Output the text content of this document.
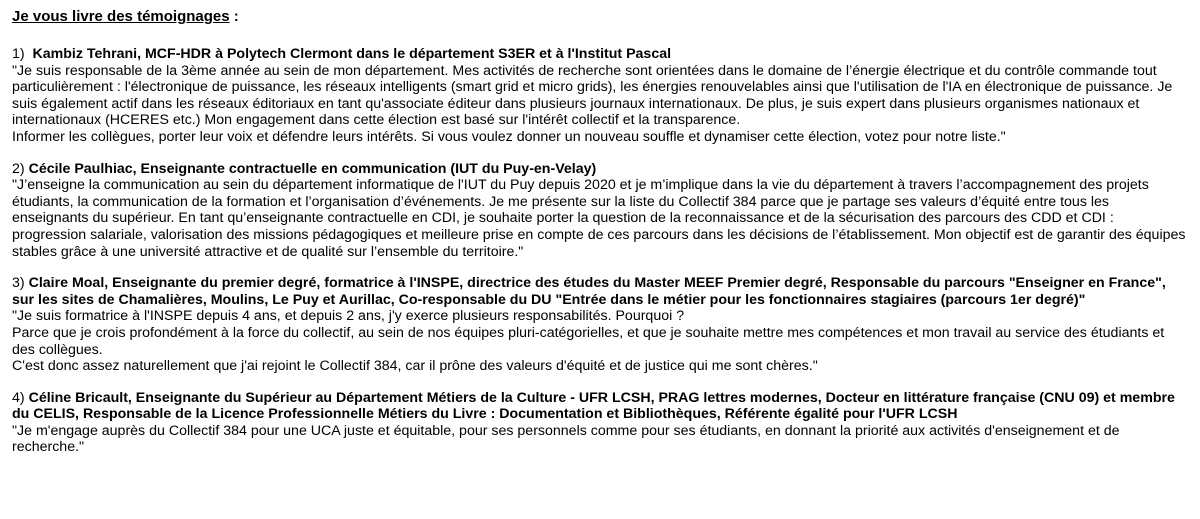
Je vous livre des témoignages :
1) Kambiz Tehrani, MCF-HDR à Polytech Clermont dans le département S3ER et à l'Institut Pascal

"Je suis responsable de la 3ème année au sein de mon département. Mes activités de recherche sont orientées dans le domaine de l’énergie électrique et du contrôle commande tout particulièrement : l'électronique de puissance, les réseaux intelligents (smart grid et micro grids), les énergies renouvelables ainsi que l'utilisation de l'IA en électronique de puissance. Je suis également actif dans les réseaux éditoriaux en tant qu'associate éditeur dans plusieurs journaux internationaux. De plus, je suis expert dans plusieurs organismes nationaux et internationaux (HCERES etc.) Mon engagement dans cette élection est basé sur l'intérêt collectif et la transparence.

Informer les collègues, porter leur voix et défendre leurs intérêts. Si vous voulez donner un nouveau souffle et dynamiser cette élection, votez pour notre liste."

2) Cécile Paulhiac, Enseignante contractuelle en communication (IUT du Puy-en-Velay)

"J’enseigne la communication au sein du département informatique de l'IUT du Puy depuis 2020 et je m’implique dans la vie du département à travers l’accompagnement des projets étudiants, la communication de la formation et l’organisation d’événements. Je me présente sur la liste du Collectif 384 parce que je partage ses valeurs d’équité entre tous les enseignants du supérieur. En tant qu’enseignante contractuelle en CDI, je souhaite porter la question de la reconnaissance et de la sécurisation des parcours des CDD et CDI : progression salariale, valorisation des missions pédagogiques et meilleure prise en compte de ces parcours dans les décisions de l’établissement. Mon objectif est de garantir des équipes stables grâce à une université attractive et de qualité sur l’ensemble du territoire."

3) Claire Moal, Enseignante du premier degré, formatrice à l'INSPE, directrice des études du Master MEEF Premier degré, Responsable du parcours "Enseigner en France", sur les sites de Chamalières, Moulins, Le Puy et Aurillac, Co-responsable du DU "Entrée dans le métier pour les fonctionnaires stagiaires (parcours 1er degré)"

"Je suis formatrice à l'INSPE depuis 4 ans, et depuis 2 ans, j'y exerce plusieurs responsabilités. Pourquoi ?

Parce que je crois profondément à la force du collectif, au sein de nos équipes pluri-catégorielles, et que je souhaite mettre mes compétences et mon travail au service des étudiants et des collègues.

C'est donc assez naturellement que j'ai rejoint le Collectif 384, car il prône des valeurs d'équité et de justice qui me sont chères."

4) Céline Bricault, Enseignante du Supérieur au Département Métiers de la Culture - UFR LCSH, PRAG lettres modernes, Docteur en littérature française (CNU 09) et membre du CELIS, Responsable de la Licence Professionnelle Métiers du Livre : Documentation et Bibliothèques, Référente égalité pour l'UFR LCSH

"Je m'engage auprès du Collectif 384 pour une UCA juste et équitable, pour ses personnels comme pour ses étudiants, en donnant la priorité aux activités d'enseignement et de recherche."
